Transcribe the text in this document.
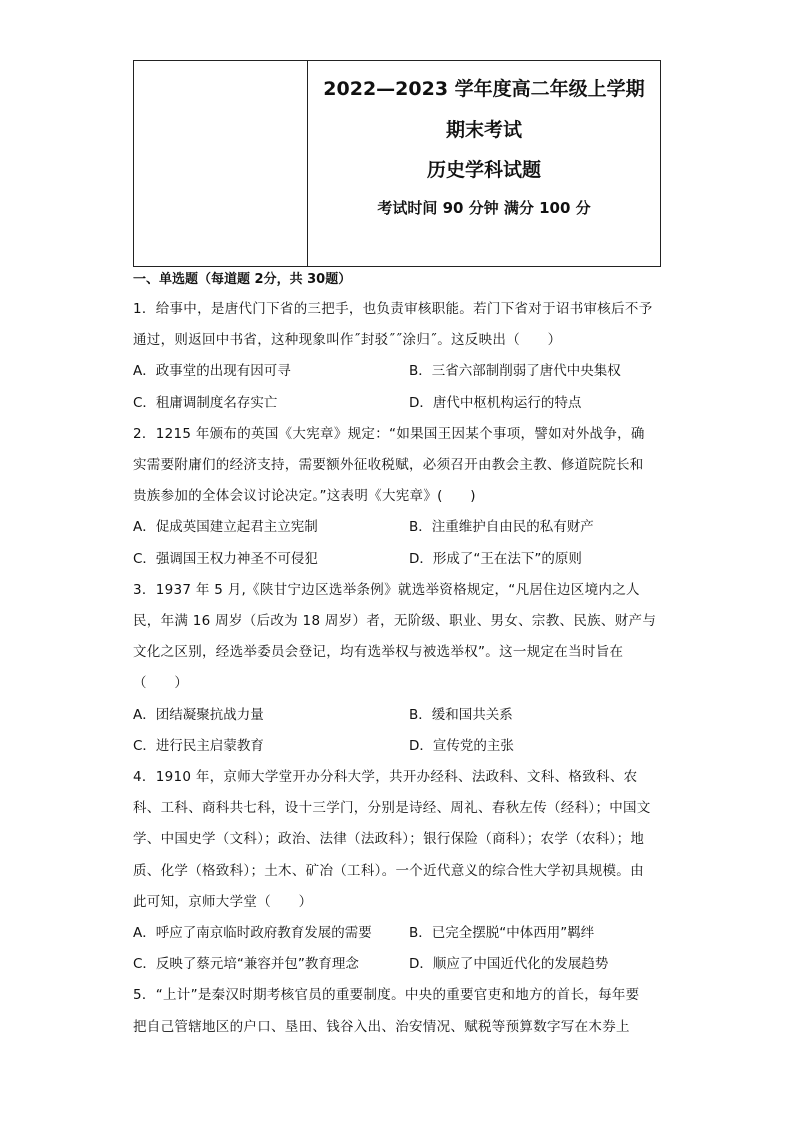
2022—2023 学年度高二年级上学期
期末考试
历史学科试题
考试时间 90 分钟 满分 100 分
一、单选题（每道题 2分，共 30题）
1．给事中，是唐代门下省的三把手，也负责审核职能。若门下省对于诏书审核后不予
通过，则返回中书省，这种现象叫作˝封驳˝˝涂归˝。这反映出（　　）
A．政事堂的出现有因可寻	B．三省六部制削弱了唐代中央集权
C．租庸调制度名存实亡	D．唐代中枢机构运行的特点
2．1215 年颁布的英国《大宪章》规定：“如果国王因某个事项，譬如对外战争，确
实需要附庸们的经济支持，需要额外征收税赋，必须召开由教会主教、修道院院长和
贵族参加的全体会议讨论决定。”这表明《大宪章》(　　)
A．促成英国建立起君主立宪制	B．注重维护自由民的私有财产
C．强调国王权力神圣不可侵犯	D．形成了“王在法下”的原则
3．1937 年 5 月,《陕甘宁边区选举条例》就选举资格规定，“凡居住边区境内之人
民，年满 16 周岁（后改为 18 周岁）者，无阶级、职业、男女、宗教、民族、财产与
文化之区别，经选举委员会登记，均有选举权与被选举权”。这一规定在当时旨在
（　　）
A．团结凝聚抗战力量	B．缓和国共关系
C．进行民主启蒙教育	D．宣传党的主张
4．1910 年，京师大学堂开办分科大学，共开办经科、法政科、文科、格致科、农
科、工科、商科共七科，设十三学门，分别是诗经、周礼、春秋左传（经科）；中国文
学、中国史学（文科）；政治、法律（法政科）；银行保险（商科）；农学（农科）；地
质、化学（格致科）；土木、矿冶（工科）。一个近代意义的综合性大学初具规模。由
此可知，京师大学堂（　　）
A．呼应了南京临时政府教育发展的需要	B．已完全摆脱“中体西用”羁绊
C．反映了蔡元培“兼容并包”教育理念	D．顺应了中国近代化的发展趋势
5．“上计”是秦汉时期考核官员的重要制度。中央的重要官吏和地方的首长，每年要
把自己管辖地区的户口、垦田、钱谷入出、治安情况、赋税等预算数字写在木券上
